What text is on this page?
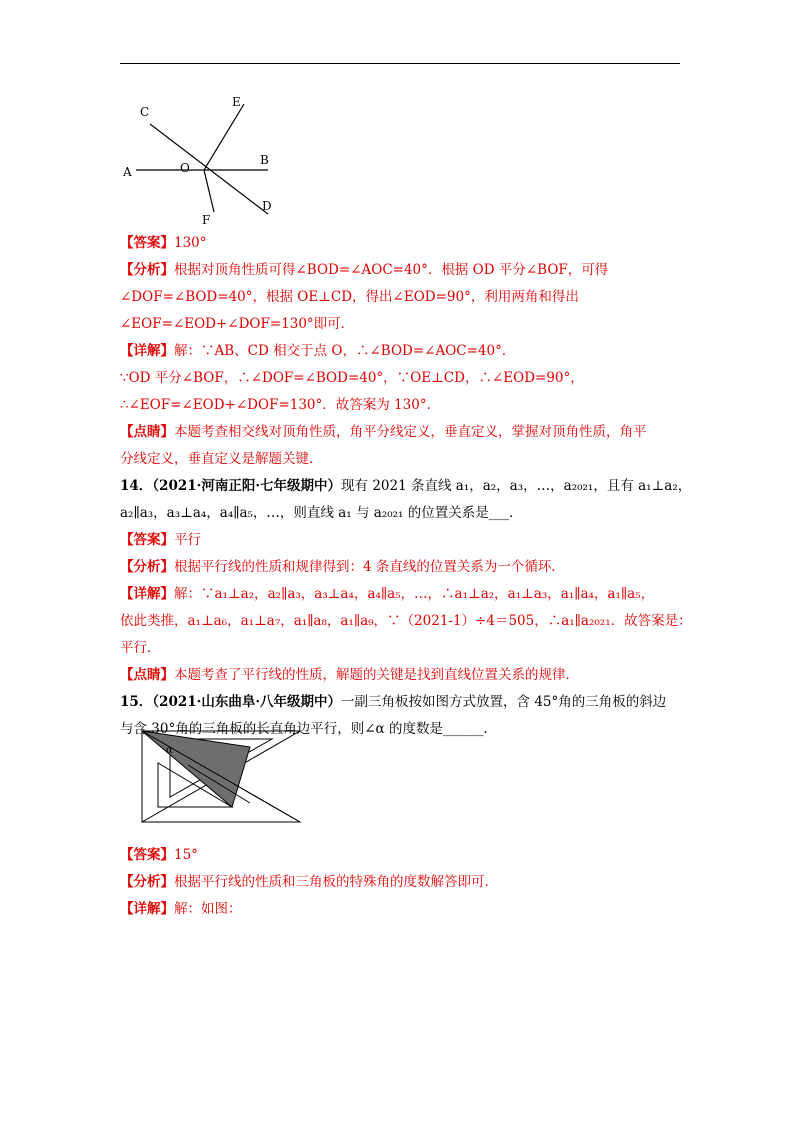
A
B
C
D
E
F
O
【答案】130°
【分析】根据对顶角性质可得∠BOD=∠AOC=40°．根据 OD 平分∠BOF，可得
∠DOF=∠BOD=40°，根据 OE⊥CD，得出∠EOD=90°，利用两角和得出
∠EOF=∠EOD+∠DOF=130°即可．
【详解】解：∵AB、CD 相交于点 O，∴∠BOD=∠AOC=40°．
∵OD 平分∠BOF，∴∠DOF=∠BOD=40°，∵OE⊥CD，∴∠EOD=90°，
∴∠EOF=∠EOD+∠DOF=130°．故答案为 130°．
【点睛】本题考查相交线对顶角性质，角平分线定义，垂直定义，掌握对顶角性质，角平
分线定义，垂直定义是解题关键．
14．（2021·河南正阳·七年级期中）现有 2021 条直线 a₁，a₂，a₃，…，a₂₀₂₁，且有 a₁⊥a₂，
a₂∥a₃，a₃⊥a₄，a₄∥a₅，…，则直线 a₁ 与 a₂₀₂₁ 的位置关系是___．
【答案】平行
【分析】根据平行线的性质和规律得到：4 条直线的位置关系为一个循环．
【详解】解：∵a₁⊥a₂，a₂∥a₃，a₃⊥a₄，a₄∥a₅，…，∴a₁⊥a₂，a₁⊥a₃，a₁∥a₄，a₁∥a₅，
依此类推，a₁⊥a₆，a₁⊥a₇，a₁∥a₈，a₁∥a₉，∵（2021-1）÷4＝505，∴a₁∥a₂₀₂₁．故答案是：
平行．
【点睛】本题考查了平行线的性质，解题的关键是找到直线位置关系的规律．
15．（2021·山东曲阜·八年级期中）一副三角板按如图方式放置，含 45°角的三角板的斜边
与含 30°角的三角板的长直角边平行，则∠α 的度数是______．
α
【答案】15°
【分析】根据平行线的性质和三角板的特殊角的度数解答即可．
【详解】解：如图：
